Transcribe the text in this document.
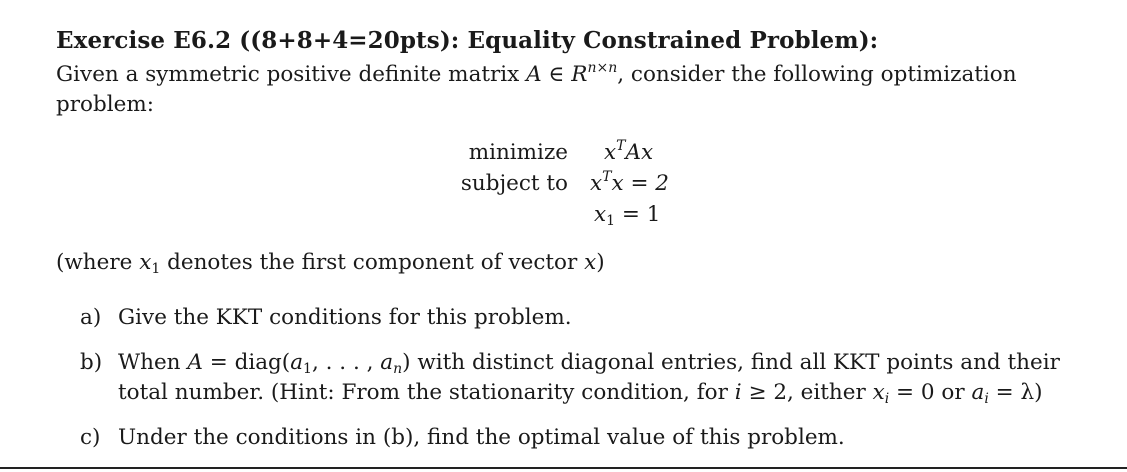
Exercise E6.2 ((8+8+4=20pts): Equality Constrained Problem):
Given a symmetric positive definite matrix A ∈ $R^{n\times n}$, consider the following optimization problem:
minimize $x^TAx$
subject to $x^Tx = 2$
$x_1 = 1$
(where $x_1$ denotes the first component of vector x)
a) Give the KKT conditions for this problem.
b) When $A = diag(a_1$, . . . , $a_n$) with distinct diagonal entries, find all KKT points and their total number. (Hint: From the stationarity condition, for i ≥ 2, either $x_i = 0$ or $a_i = \lambda$)
c) Under the conditions in (b), find the optimal value of this problem.
